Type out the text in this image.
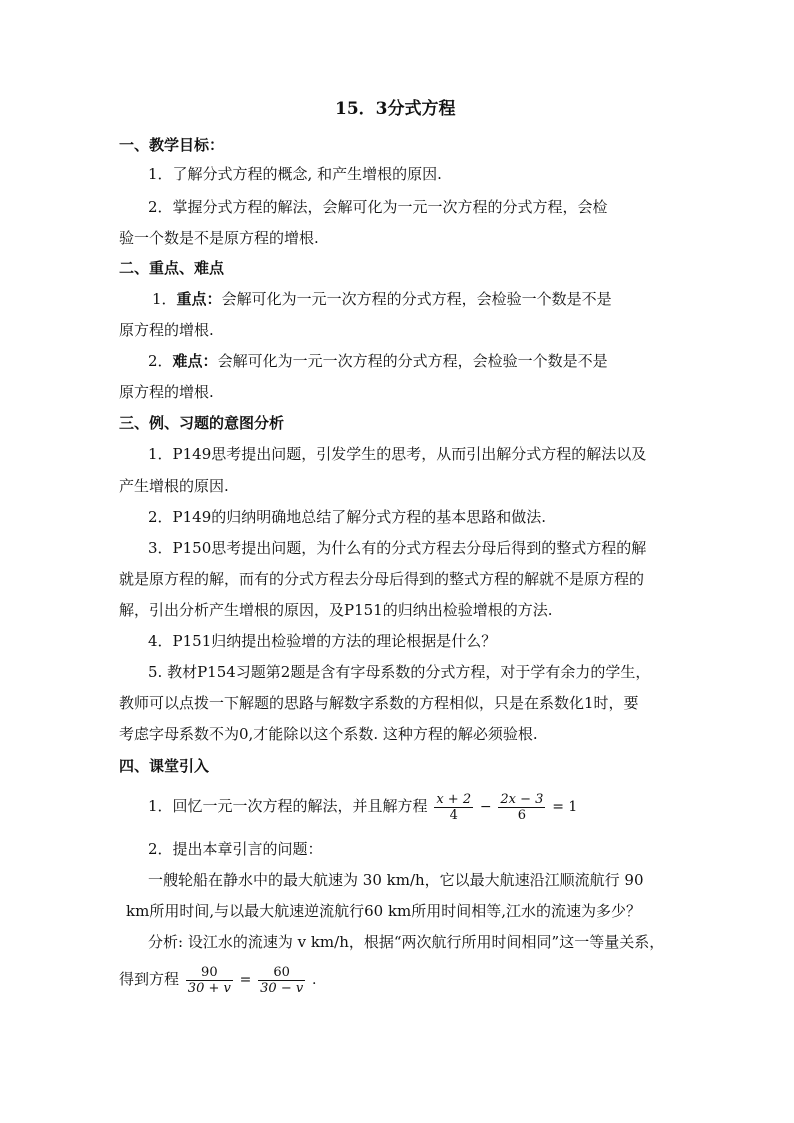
15．3分式方程
一、教学目标：
1．了解分式方程的概念, 和产生增根的原因.
2．掌握分式方程的解法，会解可化为一元一次方程的分式方程，会检
验一个数是不是原方程的增根.
二、重点、难点
1．重点：会解可化为一元一次方程的分式方程，会检验一个数是不是
原方程的增根.
2．难点：会解可化为一元一次方程的分式方程，会检验一个数是不是
原方程的增根.
三、例、习题的意图分析
1．P149思考提出问题，引发学生的思考，从而引出解分式方程的解法以及
产生增根的原因.
2．P149的归纳明确地总结了解分式方程的基本思路和做法.
3．P150思考提出问题，为什么有的分式方程去分母后得到的整式方程的解
就是原方程的解，而有的分式方程去分母后得到的整式方程的解就不是原方程的
解，引出分析产生增根的原因，及P151的归纳出检验增根的方法.
4．P151归纳提出检验增的方法的理论根据是什么？
5. 教材P154习题第2题是含有字母系数的分式方程，对于学有余力的学生，
教师可以点拨一下解题的思路与解数字系数的方程相似，只是在系数化1时，要
考虑字母系数不为0,才能除以这个系数. 这种方程的解必须验根.
四、课堂引入
1．回忆一元一次方程的解法，并且解方程 $\frac{x + 2}{4} - \frac{2x - 3}{6} = 1$
2．提出本章引言的问题：
一艘轮船在静水中的最大航速为 30 km/h，它以最大航速沿江顺流航行 90
km所用时间,与以最大航速逆流航行60 km所用时间相等,江水的流速为多少？
分析: 设江水的流速为 v km/h，根据“两次航行所用时间相同”这一等量关系，
得到方程 $\frac{90}{30 + v} = \frac{60}{30 - v}$ .
